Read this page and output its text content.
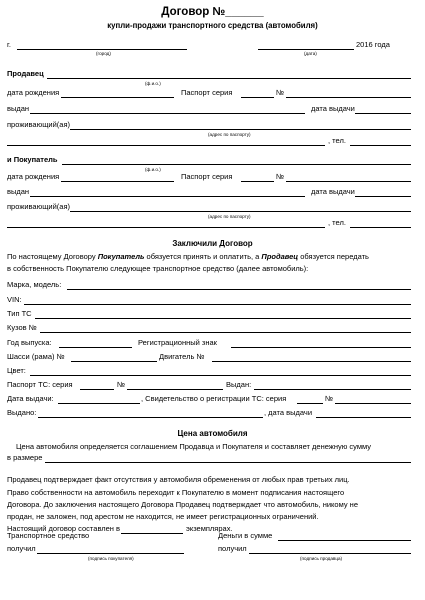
Договор №______
купли-продажи транспортного средства (автомобиля)
г.	2016 года
(город)	(дата)
Продавец
(ф.и.о.)
дата рождения	Паспорт серия	№
выдан	дата выдачи
проживающий(ая)
(адрес по паспорту)
, тел.
и Покупатель
(ф.и.о.)
дата рождения	Паспорт серия	№
выдан	дата выдачи
проживающий(ая)
(адрес по паспорту)
, тел.
Заключили Договор
По настоящему Договору Покупатель обязуется принять и оплатить, а Продавец обязуется передать
в собственность Покупателю следующее транспортное средство (далее автомобиль):
Марка, модель:
VIN:
Тип ТС
Кузов №
Год выпуска:	Регистрационный знак
Шасси (рама) №	Двигатель №
Цвет:
Паспорт ТС: серия	№	Выдан:
Дата выдачи:	, Свидетельство о регистрации ТС: серия	№
Выдано:	, дата выдачи
Цена автомобиля
Цена автомобиля определяется соглашением Продавца и Покупателя и составляет денежную сумму
в размере
Продавец подтверждает факт отсутствия у автомобиля обременения от любых прав третьих лиц.
Право собственности на автомобиль переходит к Покупателю в момент подписания настоящего
Договора. До заключения настоящего Договора Продавец подтверждает что автомобиль, никому не
продан, не заложен, под арестом не находится, не имеет регистрационных ограничений.
Настоящий договор составлен в	экземплярах.
Транспортное средство
получил
(подпись покупателя)
Деньги в сумме
получил
(подпись продавца)
